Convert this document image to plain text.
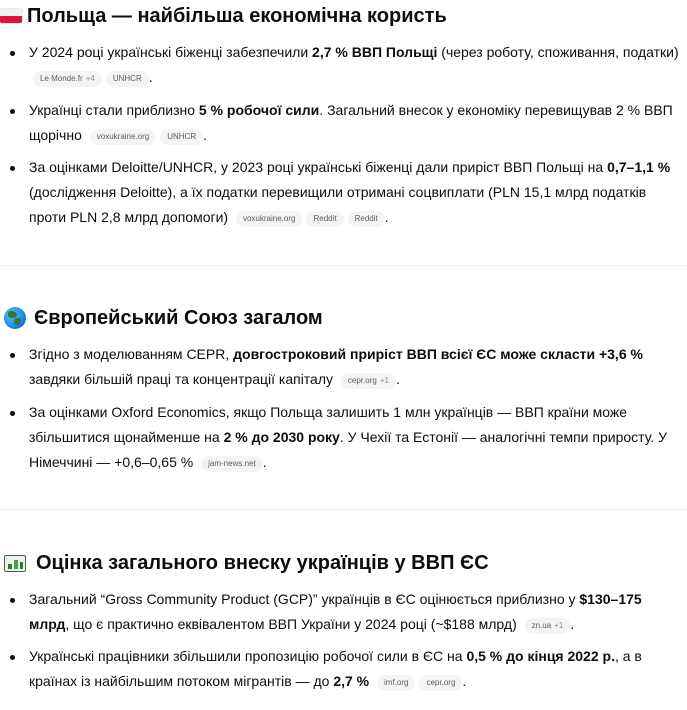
Польща — найбільша економічна користь
У 2024 році українські біженці забезпечили 2,7 % ВВП Польщі (через роботу, споживання, податки) Le Monde.fr +4 UNHCR .
Українці стали приблизно 5 % робочої сили. Загальний внесок у економіку перевищував 2 % ВВП щорічно voxukraine.org UNHCR .
За оцінками Deloitte/UNHCR, у 2023 році українські біженці дали приріст ВВП Польщі на 0,7–1,1 % (дослідження Deloitte), а їх податки перевищили отримані соцвиплати (PLN 15,1 млрд податків проти PLN 2,8 млрд допомоги) voxukraine.org Reddit Reddit .
Європейський Союз загалом
Згідно з моделюванням CEPR, довгостроковий приріст ВВП всієї ЄС може скласти +3,6 % завдяки більшій праці та концентрації капіталу cepr.org +1 .
За оцінками Oxford Economics, якщо Польща залишить 1 млн українців — ВВП країни може збільшитися щонайменше на 2 % до 2030 року. У Чехії та Естонії — аналогічні темпи приросту. У Німеччині — +0,6–0,65 % jam-news.net .
Оцінка загального внеску українців у ВВП ЄС
Загальний “Gross Community Product (GCP)” українців в ЄС оцінюється приблизно у $130–175 млрд, що є практично еквівалентом ВВП України у 2024 році (~$188 млрд) zn.ua +1 .
Українські працівники збільшили пропозицію робочої сили в ЄС на 0,5 % до кінця 2022 р., а в країнах із найбільшим потоком мігрантів — до 2,7 % imf.org cepr.org .
